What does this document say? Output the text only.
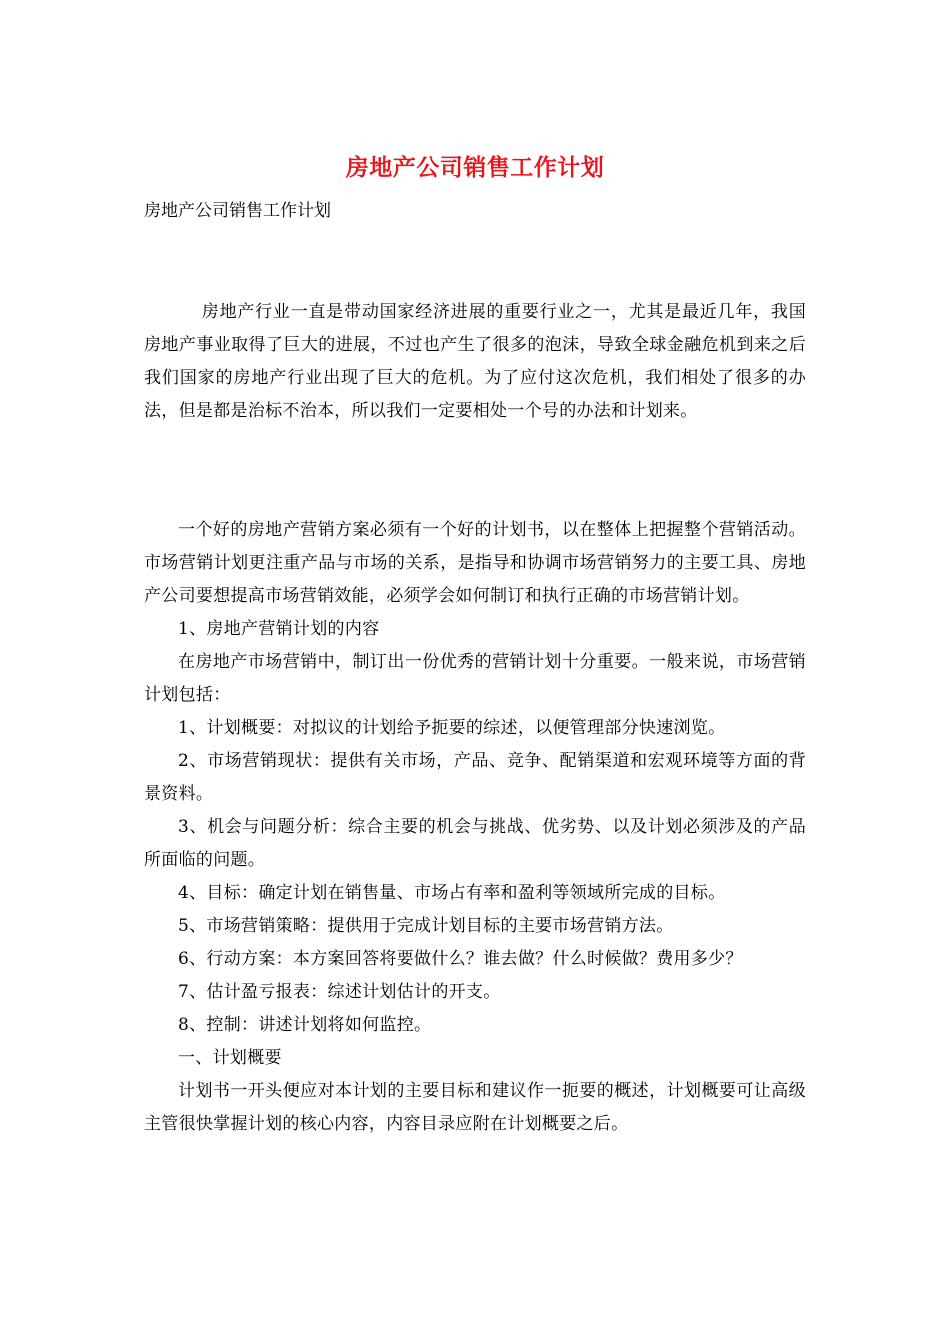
房地产公司销售工作计划
房地产公司销售工作计划

房地产行业一直是带动国家经济进展的重要行业之一，尤其是最近几年，我国房地产事业取得了巨大的进展，不过也产生了很多的泡沫，导致全球金融危机到来之后我们国家的房地产行业出现了巨大的危机。为了应付这次危机，我们相处了很多的办法，但是都是治标不治本，所以我们一定要相处一个号的办法和计划来。

一个好的房地产营销方案必须有一个好的计划书，以在整体上把握整个营销活动。市场营销计划更注重产品与市场的关系，是指导和协调市场营销努力的主要工具、房地产公司要想提高市场营销效能，必须学会如何制订和执行正确的市场营销计划。

1、房地产营销计划的内容

在房地产市场营销中，制订出一份优秀的营销计划十分重要。一般来说，市场营销计划包括：

1、计划概要：对拟议的计划给予扼要的综述，以便管理部分快速浏览。

2、市场营销现状：提供有关市场，产品、竞争、配销渠道和宏观环境等方面的背景资料。

3、机会与问题分析：综合主要的机会与挑战、优劣势、以及计划必须涉及的产品所面临的问题。

4、目标：确定计划在销售量、市场占有率和盈利等领域所完成的目标。

5、市场营销策略：提供用于完成计划目标的主要市场营销方法。

6、行动方案：本方案回答将要做什么？谁去做？什么时候做？费用多少？

7、估计盈亏报表：综述计划估计的开支。

8、控制：讲述计划将如何监控。

一、计划概要

计划书一开头便应对本计划的主要目标和建议作一扼要的概述，计划概要可让高级主管很快掌握计划的核心内容，内容目录应附在计划概要之后。
